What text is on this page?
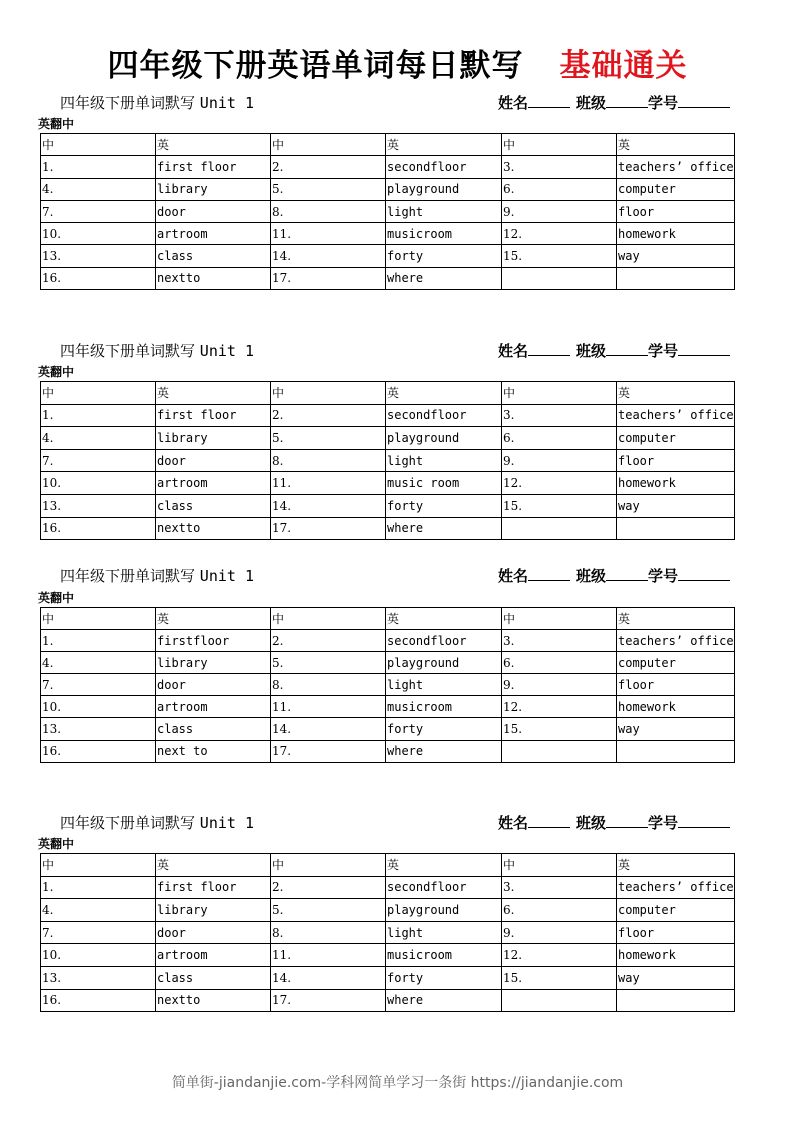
四年级下册英语单词每日默写 基础通关
四年级下册单词默写 Unit 1	姓名	班级	学号
英翻中
中	英	中	英	中	英
1.	first floor	2.	secondfloor	3.	teachers’ office
4.	library	5.	playground	6.	computer
7.	door	8.	light	9.	floor
10.	artroom	11.	musicroom	12.	homework
13.	class	14.	forty	15.	way
16.	nextto	17.	where		
四年级下册单词默写 Unit 1	姓名	班级	学号
英翻中
中	英	中	英	中	英
1.	first floor	2.	secondfloor	3.	teachers’ office
4.	library	5.	playground	6.	computer
7.	door	8.	light	9.	floor
10.	artroom	11.	music room	12.	homework
13.	class	14.	forty	15.	way
16.	nextto	17.	where		
四年级下册单词默写 Unit 1	姓名	班级	学号
英翻中
中	英	中	英	中	英
1.	firstfloor	2.	secondfloor	3.	teachers’ office
4.	library	5.	playground	6.	computer
7.	door	8.	light	9.	floor
10.	artroom	11.	musicroom	12.	homework
13.	class	14.	forty	15.	way
16.	next to	17.	where		
四年级下册单词默写 Unit 1	姓名	班级	学号
英翻中
中	英	中	英	中	英
1.	first floor	2.	secondfloor	3.	teachers’ office
4.	library	5.	playground	6.	computer
7.	door	8.	light	9.	floor
10.	artroom	11.	musicroom	12.	homework
13.	class	14.	forty	15.	way
16.	nextto	17.	where		
简单街-jiandanjie.com-学科网简单学习一条街 https://jiandanjie.com
